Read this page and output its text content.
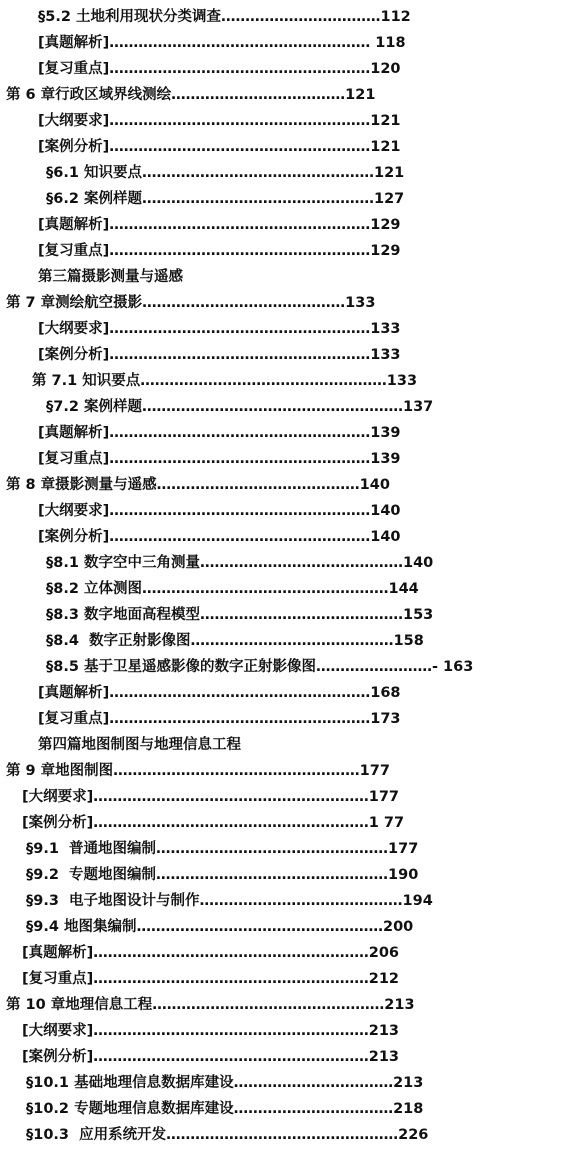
§5.2 土地利用现状分类调查……………………………112
[真题解析]……………………………………………… 118
[复习重点]………………………………………………120
第 6 章行政区域界线测绘………………………………121
[大纲要求]………………………………………………121
[案例分析]………………………………………………121
§6.1 知识要点…………………………………………121
§6.2 案例样题…………………………………………127
[真题解析]………………………………………………129
[复习重点]………………………………………………129
第三篇摄影测量与遥感
第 7 章测绘航空摄影……………………………………133
[大纲要求]………………………………………………133
[案例分析]………………………………………………133
第 7.1 知识要点……………………………………………133
§7.2 案例样题………………………………………………137
[真题解析]………………………………………………139
[复习重点]………………………………………………139
第 8 章摄影测量与遥感……………………………………140
[大纲要求]………………………………………………140
[案例分析]………………………………………………140
§8.1 数字空中三角测量……………………………………140
§8.2 立体测图……………………………………………144
§8.3 数字地面高程模型……………………………………153
§8.4  数字正射影像图……………………………………158
§8.5 基于卫星遥感影像的数字正射影像图……………………- 163
[真题解析]………………………………………………168
[复习重点]………………………………………………173
第四篇地图制图与地理信息工程
第 9 章地图制图……………………………………………177
[大纲要求]…………………………………………………177
[案例分析]…………………………………………………1 77
§9.1  普通地图编制…………………………………………177
§9.2  专题地图编制…………………………………………190
§9.3  电子地图设计与制作……………………………………194
§9.4 地图集编制……………………………………………200
[真题解析]…………………………………………………206
[复习重点]…………………………………………………212
第 10 章地理信息工程…………………………………………213
[大纲要求]…………………………………………………213
[案例分析]…………………………………………………213
§10.1 基础地理信息数据库建设……………………………213
§10.2 专题地理信息数据库建设……………………………218
§10.3  应用系统开发…………………………………………226
